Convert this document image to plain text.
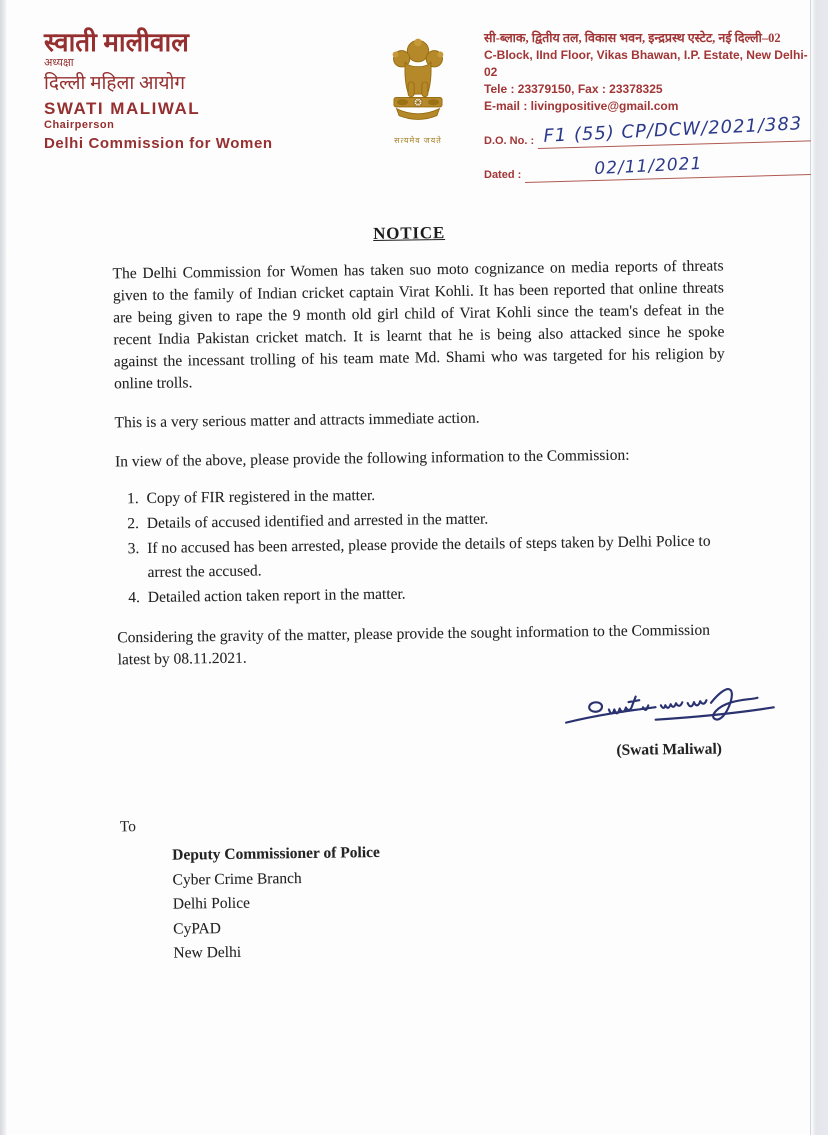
स्वाती मालीवाल
अध्यक्षा
दिल्ली महिला आयोग
SWATI MALIWAL
Chairperson
Delhi Commission for Women	सत्यमेव जयते
सी-ब्लाक, द्वितीय तल, विकास भवन, इन्द्रप्रस्थ एस्टेट, नई दिल्ली–02
C-Block, IInd Floor, Vikas Bhawan, I.P. Estate, New Delhi-02
Tele : 23379150, Fax : 23378325
E-mail : livingpositive@gmail.com
D.O. No. : F1 (55) CP/DCW/2021/383
Dated :	02/11/2021
NOTICE

The Delhi Commission for Women has taken suo moto cognizance on media reports of threats given to the family of Indian cricket captain Virat Kohli. It has been reported that online threats are being given to rape the 9 month old girl child of Virat Kohli since the team's defeat in the recent India Pakistan cricket match. It is learnt that he is being also attacked since he spoke against the incessant trolling of his team mate Md. Shami who was targeted for his religion by online trolls.

This is a very serious matter and attracts immediate action.

In view of the above, please provide the following information to the Commission:

1. Copy of FIR registered in the matter.
2. Details of accused identified and arrested in the matter.
3. If no accused has been arrested, please provide the details of steps taken by Delhi Police to arrest the accused.
4. Detailed action taken report in the matter.

Considering the gravity of the matter, please provide the sought information to the Commission latest by 08.11.2021.

(Swati Maliwal)
To
Deputy Commissioner of Police
Cyber Crime Branch
Delhi Police
CyPAD
New Delhi
